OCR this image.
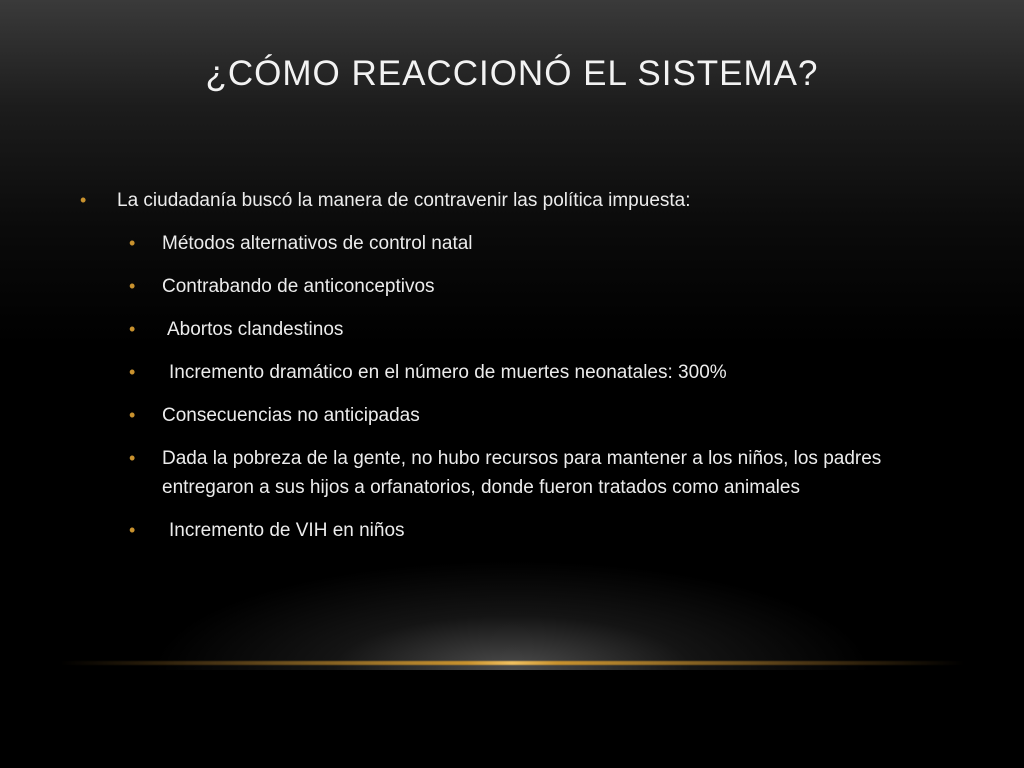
¿CÓMO REACCIONÓ EL SISTEMA?
• La ciudadanía buscó la manera de contravenir las política impuesta:
• Métodos alternativos de control natal
• Contrabando de anticonceptivos
• Abortos clandestinos
• Incremento dramático en el número de muertes neonatales: 300%
• Consecuencias no anticipadas
• Dada la pobreza de la gente, no hubo recursos para mantener a los niños, los padres entregaron a sus hijos a orfanatorios, donde fueron tratados como animales
• Incremento de VIH en niños
